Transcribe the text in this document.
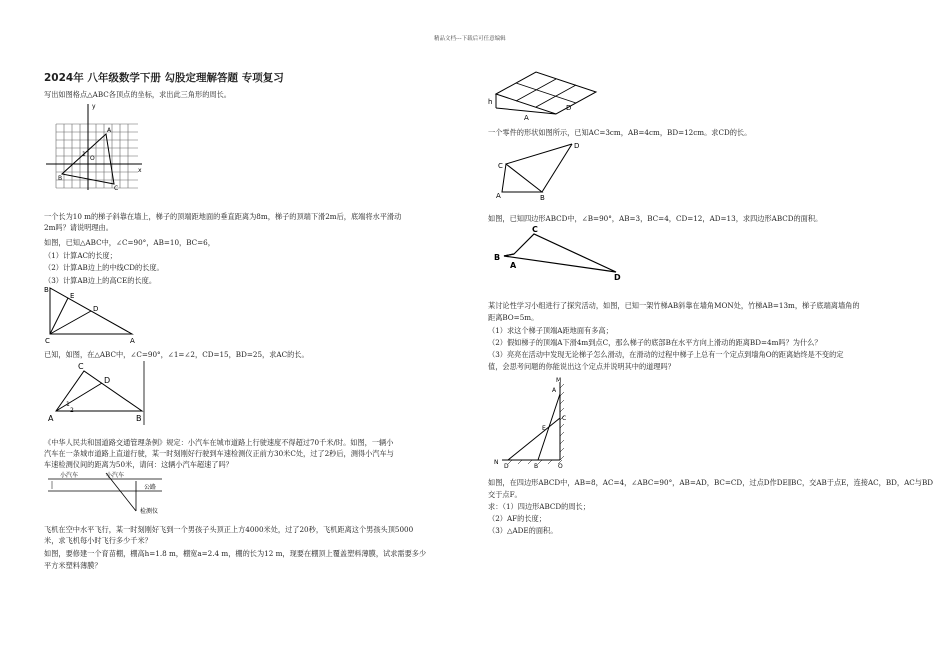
精品文档---下载后可任意编辑
2024年 八年级数学下册 勾股定理解答题 专项复习
写出如图格点△ABC各顶点的坐标，求出此三角形的周长。
y
x
O
1
A
B
C
一个长为10 m的梯子斜靠在墙上，梯子的顶端距地面的垂直距离为8m，梯子的顶端下滑2m后，底端将水平滑动
2m吗？请说明理由。
如图，已知△ABC中，∠C=90°，AB=10，BC=6，
（1）计算AC的长度；
（2）计算AB边上的中线CD的长度。
（3）计算AB边上的高CE的长度。
B
E
D
C	A
已知，如图，在△ABC中，∠C=90°，∠1=∠2，CD=15，BD=25，求AC的长。
C
D
A	B
1
2
《中华人民共和国道路交通管理条例》规定：小汽车在城市道路上行驶速度不得超过70千米/时。如图，一辆小
汽车在一条城市道路上直道行驶，某一时刻刚好行驶到车速检测仪正前方30米C处，过了2秒后，测得小汽车与
车速检测仪间的距离为50米，请问：这辆小汽车超速了吗？
小汽车	小汽车
公路
检测仪
飞机在空中水平飞行，某一时刻刚好飞到一个男孩子头顶正上方4000米处，过了20秒，飞机距离这个男孩头顶5000
米，求飞机每小时飞行多少千米？
如图，要修建一个育苗棚，棚高h=1.8 m，棚宽a=2.4 m，棚的长为12 m，现要在棚顶上覆盖塑料薄膜，试求需要多少
平方米塑料薄膜？
h
A
D
一个零件的形状如图所示，已知AC=3cm，AB=4cm，BD=12cm。求CD的长。
D
C
A	B
如图，已知四边形ABCD中，∠B=90°，AB=3，BC=4，CD=12，AD=13，求四边形ABCD的面积。
C
B
A
D
某讨论性学习小组进行了探究活动，如图，已知一架竹梯AB斜靠在墙角MON处，竹梯AB=13m，梯子底端离墙角的
距离BO=5m。
（1）求这个梯子顶端A距地面有多高；
（2）假如梯子的顶端A下滑4m到点C，那么梯子的底部B在水平方向上滑动的距离BD=4m吗？为什么？
（3）亮亮在活动中发现无论梯子怎么滑动，在滑动的过程中梯子上总有一个定点到墙角O的距离始终是不变的定
值，会思考问题的你能说出这个定点并说明其中的道理吗？
M
A
C
E
N
D	B	O
如图，在四边形ABCD中，AB=8，AC=4，∠ABC=90°，AB=AD，BC=CD，过点D作DE∥BC，交AB于点E，连接AC，BD，AC与BD
交于点F。
求：（1）四边形ABCD的周长；
（2）AF的长度；
（3）△ADE的面积。
